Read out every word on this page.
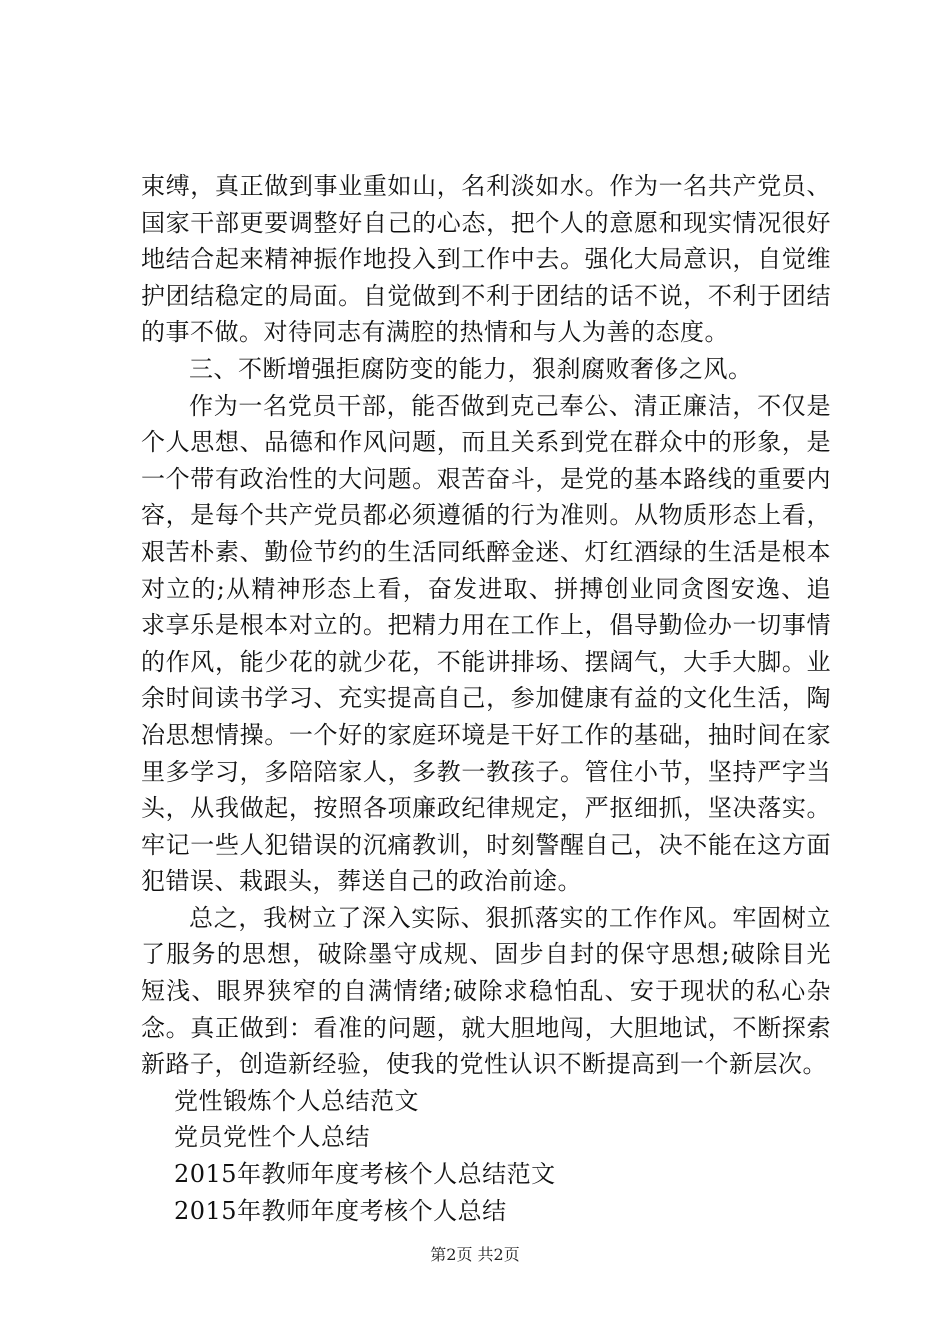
束缚，真正做到事业重如山，名利淡如水。作为一名共产党员、国家干部更要调整好自己的心态，把个人的意愿和现实情况很好地结合起来精神振作地投入到工作中去。强化大局意识，自觉维护团结稳定的局面。自觉做到不利于团结的话不说，不利于团结的事不做。对待同志有满腔的热情和与人为善的态度。

三、不断增强拒腐防变的能力，狠刹腐败奢侈之风。

作为一名党员干部，能否做到克己奉公、清正廉洁，不仅是个人思想、品德和作风问题，而且关系到党在群众中的形象，是一个带有政治性的大问题。艰苦奋斗，是党的基本路线的重要内容，是每个共产党员都必须遵循的行为准则。从物质形态上看，艰苦朴素、勤俭节约的生活同纸醉金迷、灯红酒绿的生活是根本对立的;从精神形态上看，奋发进取、拼搏创业同贪图安逸、追求享乐是根本对立的。把精力用在工作上，倡导勤俭办一切事情的作风，能少花的就少花，不能讲排场、摆阔气，大手大脚。业余时间读书学习、充实提高自己，参加健康有益的文化生活，陶冶思想情操。一个好的家庭环境是干好工作的基础，抽时间在家里多学习，多陪陪家人，多教一教孩子。管住小节，坚持严字当头，从我做起，按照各项廉政纪律规定，严抠细抓，坚决落实。牢记一些人犯错误的沉痛教训，时刻警醒自己，决不能在这方面犯错误、栽跟头，葬送自己的政治前途。

总之，我树立了深入实际、狠抓落实的工作作风。牢固树立了服务的思想，破除墨守成规、固步自封的保守思想;破除目光短浅、眼界狭窄的自满情绪;破除求稳怕乱、安于现状的私心杂念。真正做到：看准的问题，就大胆地闯，大胆地试，不断探索新路子，创造新经验，使我的党性认识不断提高到一个新层次。

党性锻炼个人总结范文

党员党性个人总结

2015年教师年度考核个人总结范文

2015年教师年度考核个人总结

第2页 共2页
